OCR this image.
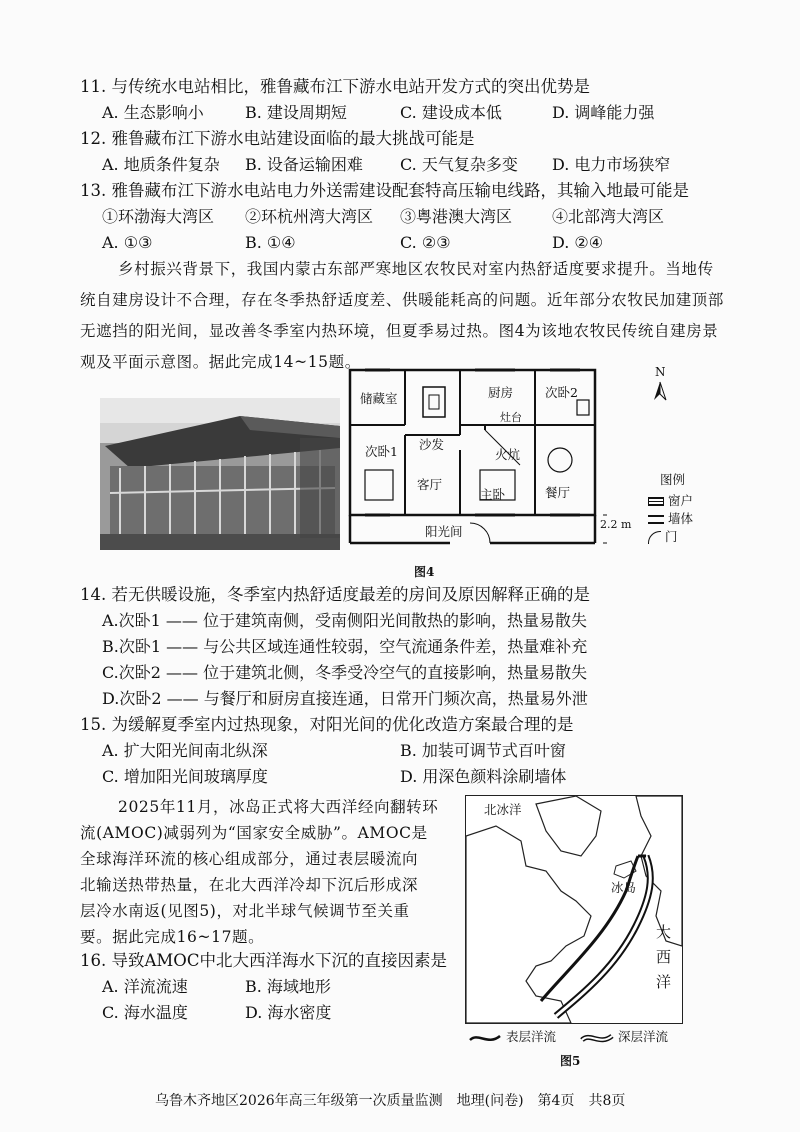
11. 与传统水电站相比，雅鲁藏布江下游水电站开发方式的突出优势是
A. 生态影响小	B. 建设周期短	C. 建设成本低	D. 调峰能力强
12. 雅鲁藏布江下游水电站建设面临的最大挑战可能是
A. 地质条件复杂 B. 设备运输困难 C. 天气复杂多变 D. 电力市场狭窄
13. 雅鲁藏布江下游水电站电力外送需建设配套特高压输电线路，其输入地最可能是
①环渤海大湾区 ②环杭州湾大湾区 ③粤港澳大湾区 ④北部湾大湾区
A. ①③	B. ①④	C. ②③	D. ②④
乡村振兴背景下，我国内蒙古东部严寒地区农牧民对室内热舒适度要求提升。当地传
统自建房设计不合理，存在冬季热舒适度差、供暖能耗高的问题。近年部分农牧民加建顶部
无遮挡的阳光间，显改善冬季室内热环境，但夏季易过热。图4为该地农牧民传统自建房景
观及平面示意图。据此完成14~15题。
储藏室	厨房	次卧2
灶台
沙发
次卧1	火炕
客厅
主卧	餐厅
阳光间	2.2 m
N
图例
窗户
墙体
门
图4
14. 若无供暖设施，冬季室内热舒适度最差的房间及原因解释正确的是
A.次卧1 —— 位于建筑南侧，受南侧阳光间散热的影响，热量易散失
B.次卧1 —— 与公共区域连通性较弱，空气流通条件差，热量难补充
C.次卧2 —— 位于建筑北侧，冬季受冷空气的直接影响，热量易散失
D.次卧2 —— 与餐厅和厨房直接连通，日常开门频次高，热量易外泄
15. 为缓解夏季室内过热现象，对阳光间的优化改造方案最合理的是
A. 扩大阳光间南北纵深	B. 加装可调节式百叶窗
C. 增加阳光间玻璃厚度	D. 用深色颜料涂刷墙体
2025年11月，冰岛正式将大西洋经向翻转环
流(AMOC)减弱列为“国家安全威胁”。AMOC是
全球海洋环流的核心组成部分，通过表层暖流向
北输送热带热量，在北大西洋冷却下沉后形成深
层冷水南返(见图5)，对北半球气候调节至关重
要。据此完成16~17题。
北冰洋
冰岛
大
西
洋
表层洋流	深层洋流
图5
16. 导致AMOC中北大西洋海水下沉的直接因素是
A. 洋流流速	B. 海域地形
C. 海水温度	D. 海水密度
乌鲁木齐地区2026年高三年级第一次质量监测　地理(问卷)　第4页　共8页
